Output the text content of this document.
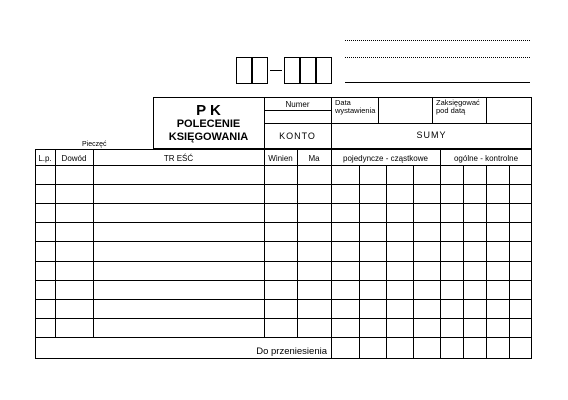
Pieczęć
P K
POLECENIE
KSIĘGOWANIA
Numer	Data wystawienia
Zaksięgować pod datą
KONTO	SUMY
L.p.	Dowód	TR EŚĆ	Winien	Ma	pojedyncze - cząstkowe	ogólne - kontrolne
Do przeniesienia
